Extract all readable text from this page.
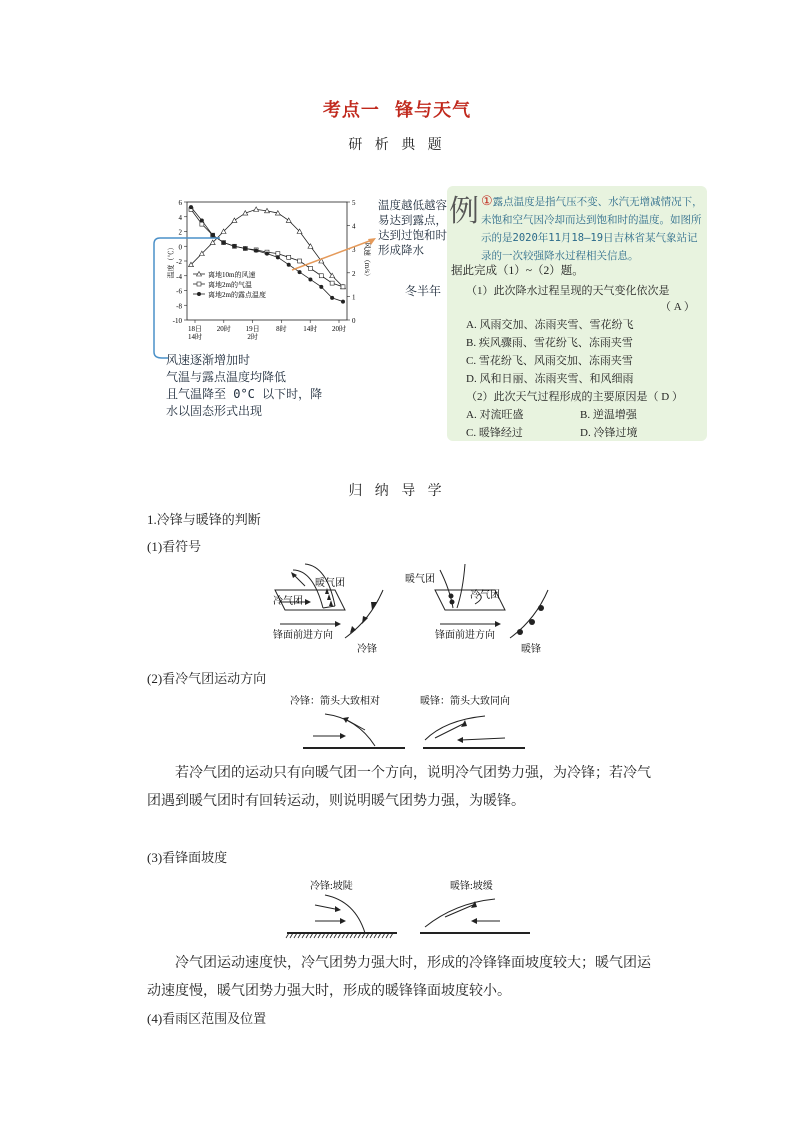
考点一 锋与天气
研 析 典 题
6
4
2
0
-2
-4
-6
-8
-10
5
4
3
2
1
0
18日
14时
20时 19日
2时
8时 14时 20时
温度（℃）	风速（m/s）
离地10m的风速
离地2m的气温
离地2m的露点温度
温度越低越容易达到露点，达到过饱和时形成降水
冬半年
风速逐渐增加时
气温与露点温度均降低
且气温降至 0°C 以下时，降
水以固态形式出现
例 ①露点温度是指气压不变、水汽无增减情况下，未饱和空气因冷却而达到饱和时的温度。如图所示的是2020年11月18—19日吉林省某气象站记录的一次较强降水过程相关信息。
据此完成（1）~（2）题。
（1）此次降水过程呈现的天气变化依次是
（ A ）
A. 风雨交加、冻雨夹雪、雪花纷飞
B. 疾风骤雨、雪花纷飞、冻雨夹雪
C. 雪花纷飞、风雨交加、冻雨夹雪
D. 风和日丽、冻雨夹雪、和风细雨
（2）此次天气过程形成的主要原因是（ D ）
A. 对流旺盛	B. 逆温增强
C. 暖锋经过	D. 冷锋过境
归 纳 导 学
1.冷锋与暖锋的判断
(1)看符号
暖气团
冷气团
锋面前进方向
冷锋
暖气团
冷气团
锋面前进方向
暖锋
(2)看冷气团运动方向
冷锋：箭头大致相对	暖锋：箭头大致同向
若冷气团的运动只有向暖气团一个方向，说明冷气团势力强，为冷锋；若冷气团遇到暖气团时有回转运动，则说明暖气团势力强，为暖锋。
(3)看锋面坡度
冷锋:坡陡	暖锋:坡缓
冷气团运动速度快，冷气团势力强大时，形成的冷锋锋面坡度较大；暖气团运动速度慢，暖气团势力强大时，形成的暖锋锋面坡度较小。
(4)看雨区范围及位置
